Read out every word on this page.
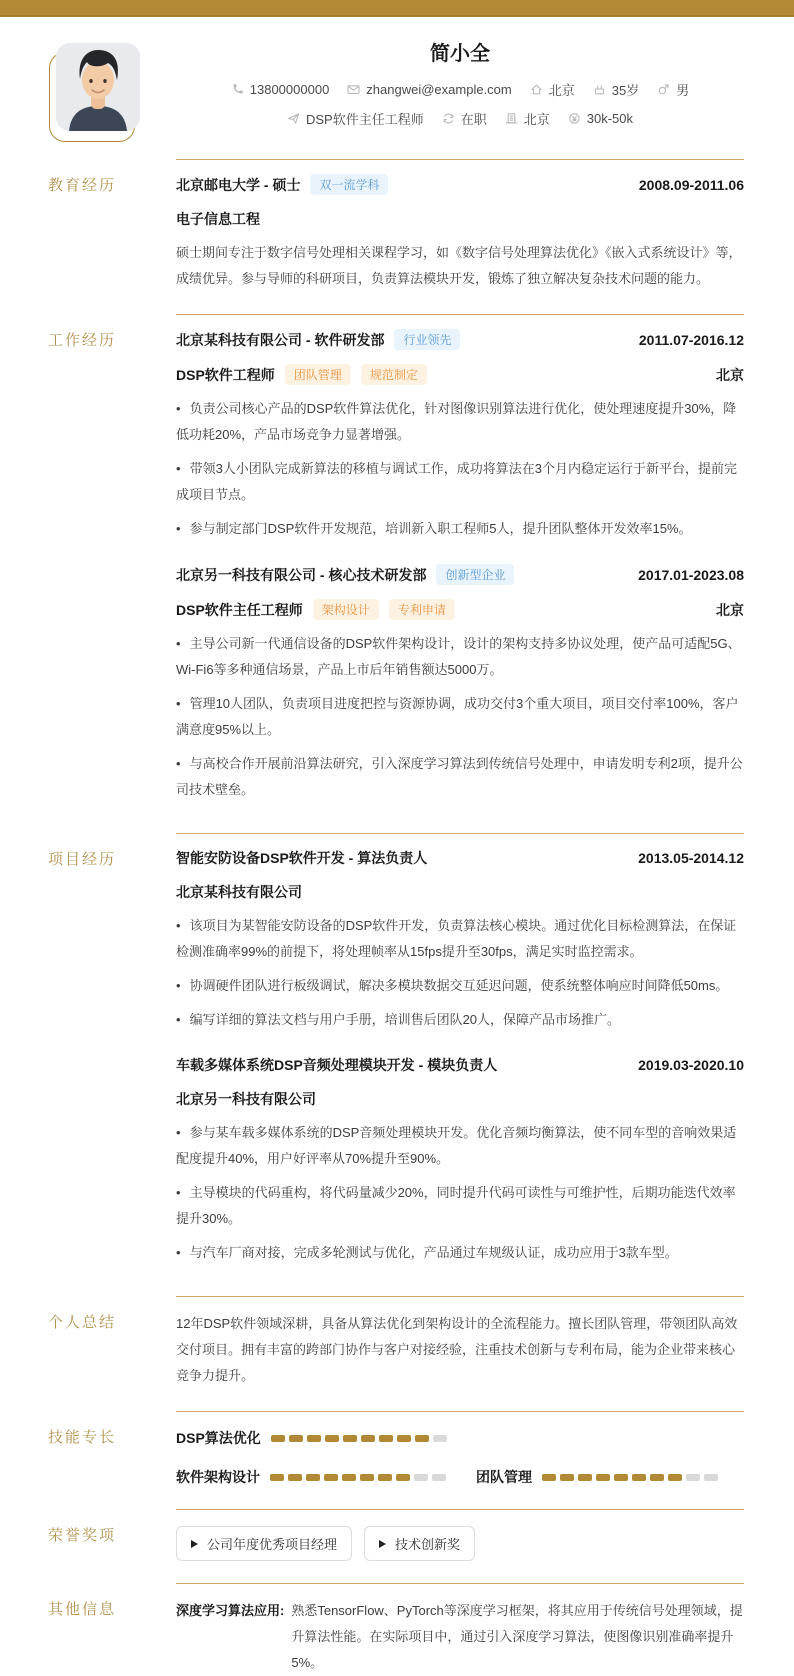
简小全
13800000000	zhangwei@example.com	北京	35岁	男
DSP软件主任工程师	在职	北京	30k-50k
教育经历	北京邮电大学 - 硕士	双一流学科	2008.09-2011.06
电子信息工程

硕士期间专注于数字信号处理相关课程学习，如《数字信号处理算法优化》《嵌入式系统设计》等，成绩优异。参与导师的科研项目，负责算法模块开发，锻炼了独立解决复杂技术问题的能力。

工作经历	北京某科技有限公司 - 软件研发部	行业领先	2011.07-2016.12
DSP软件工程师	团队管理	规范制定	北京

• 负责公司核心产品的DSP软件算法优化，针对图像识别算法进行优化，使处理速度提升30%，降低功耗20%，产品市场竞争力显著增强。

• 带领3人小团队完成新算法的移植与调试工作，成功将算法在3个月内稳定运行于新平台，提前完成项目节点。

• 参与制定部门DSP软件开发规范，培训新入职工程师5人，提升团队整体开发效率15%。

北京另一科技有限公司 - 核心技术研发部	创新型企业	2017.01-2023.08
DSP软件主任工程师	架构设计	专利申请	北京

• 主导公司新一代通信设备的DSP软件架构设计，设计的架构支持多协议处理，使产品可适配5G、Wi-Fi6等多种通信场景，产品上市后年销售额达5000万。

• 管理10人团队，负责项目进度把控与资源协调，成功交付3个重大项目，项目交付率100%，客户满意度95%以上。

• 与高校合作开展前沿算法研究，引入深度学习算法到传统信号处理中，申请发明专利2项，提升公司技术壁垒。

项目经历	智能安防设备DSP软件开发 - 算法负责人	2013.05-2014.12
北京某科技有限公司

• 该项目为某智能安防设备的DSP软件开发，负责算法核心模块。通过优化目标检测算法，在保证检测准确率99%的前提下，将处理帧率从15fps提升至30fps，满足实时监控需求。

• 协调硬件团队进行板级调试，解决多模块数据交互延迟问题，使系统整体响应时间降低50ms。

• 编写详细的算法文档与用户手册，培训售后团队20人，保障产品市场推广。

车载多媒体系统DSP音频处理模块开发 - 模块负责人	2019.03-2020.10
北京另一科技有限公司

• 参与某车载多媒体系统的DSP音频处理模块开发。优化音频均衡算法，使不同车型的音响效果适配度提升40%，用户好评率从70%提升至90%。

• 主导模块的代码重构，将代码量减少20%，同时提升代码可读性与可维护性，后期功能迭代效率提升30%。

• 与汽车厂商对接，完成多轮测试与优化，产品通过车规级认证，成功应用于3款车型。

个人总结	12年DSP软件领域深耕，具备从算法优化到架构设计的全流程能力。擅长团队管理，带领团队高效交付项目。拥有丰富的跨部门协作与客户对接经验，注重技术创新与专利布局，能为企业带来核心竞争力提升。

技能专长	DSP算法优化
软件架构设计	团队管理
荣誉奖项
公司年度优秀项目经理	技术创新奖
其他信息	深度学习算法应用: 熟悉TensorFlow、PyTorch等深度学习框架，将其应用于传统信号处理领域，提升算法性能。在实际项目中，通过引入深度学习算法，使图像识别准确率提升5%。
